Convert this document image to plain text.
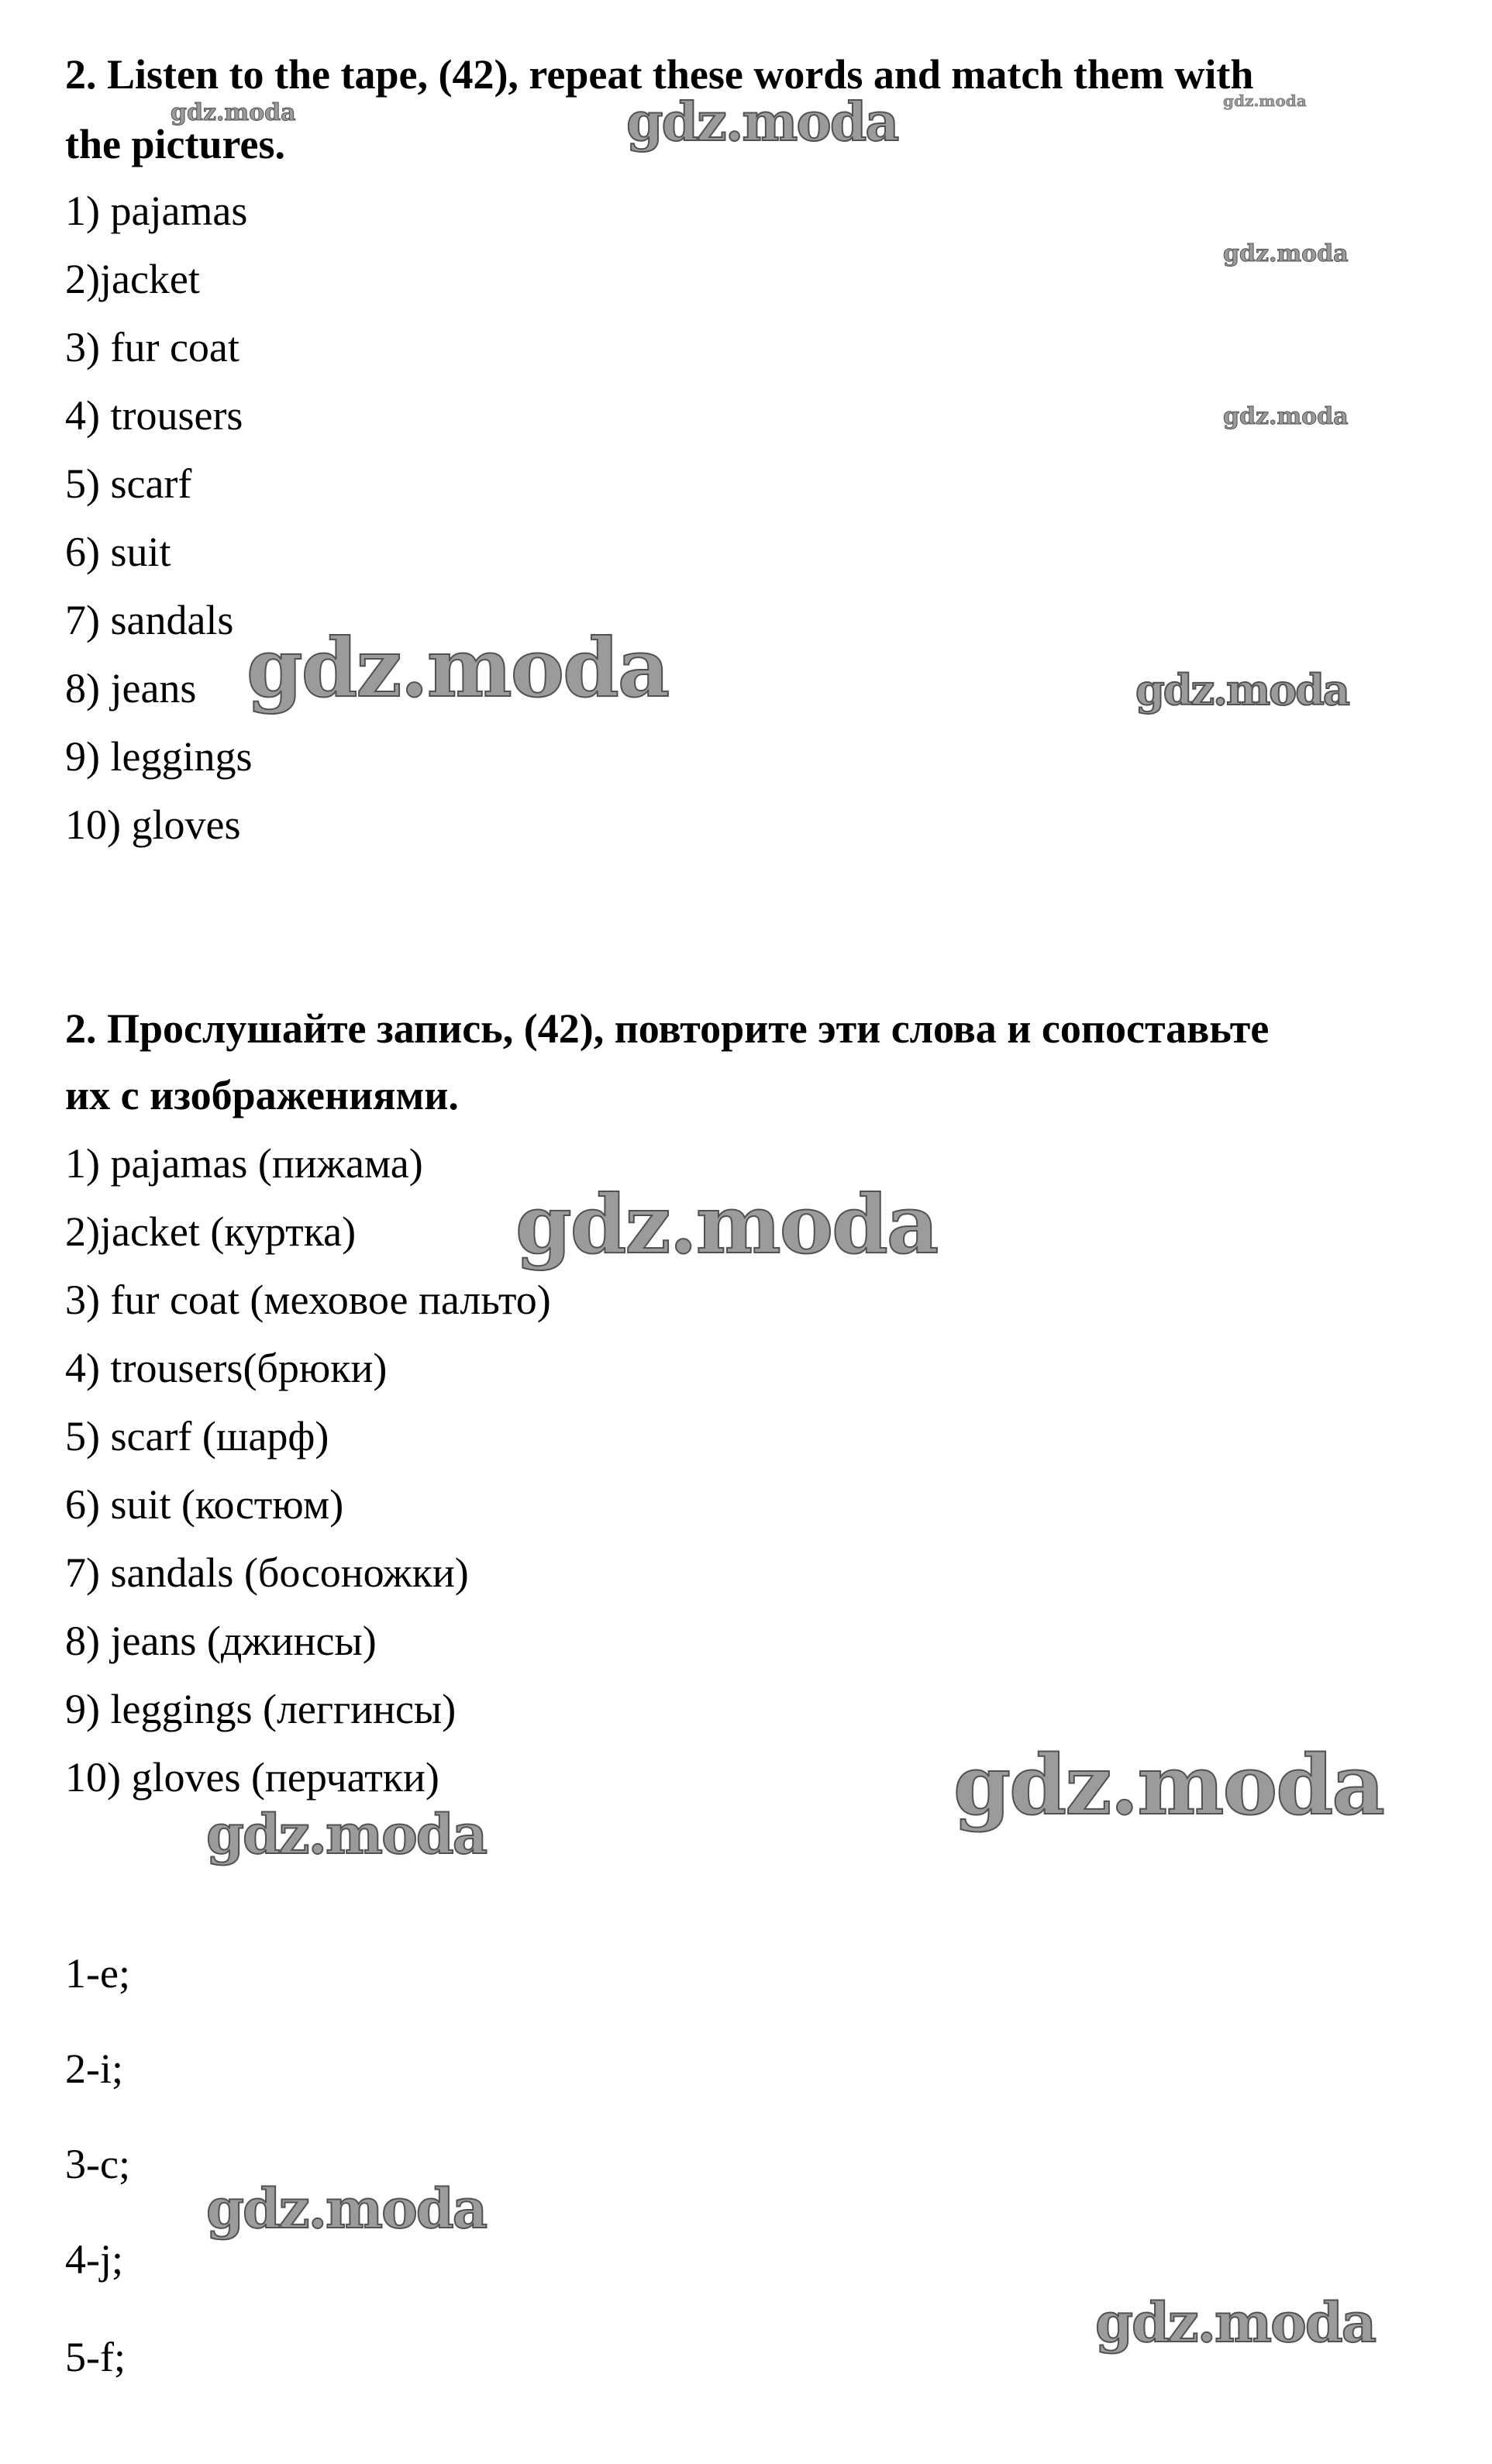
2. Listen to the tape, (42), repeat these words and match them with
the pictures.
1) pajamas
2)jacket
3) fur coat
4) trousers
5) scarf
6) suit
7) sandals
8) jeans
9) leggings
10) gloves
2. Прослушайте запись, (42), повторите эти слова и сопоставьте
их с изображениями.
1) pajamas (пижама)
2)jacket (куртка)
3) fur coat (меховое пальто)
4) trousers(брюки)
5) scarf (шарф)
6) suit (костюм)
7) sandals (босоножки)
8) jeans (джинсы)
9) leggings (леггинсы)
10) gloves (перчатки)
1-e;
2-i;
3-c;
4-j;
5-f;
gdz.moda	gdz.moda
gdz.moda
gdz.moda
gdz.moda
gdz.moda	gdz.moda
gdz.moda
gdz.moda
gdz.moda
gdz.moda
gdz.moda
